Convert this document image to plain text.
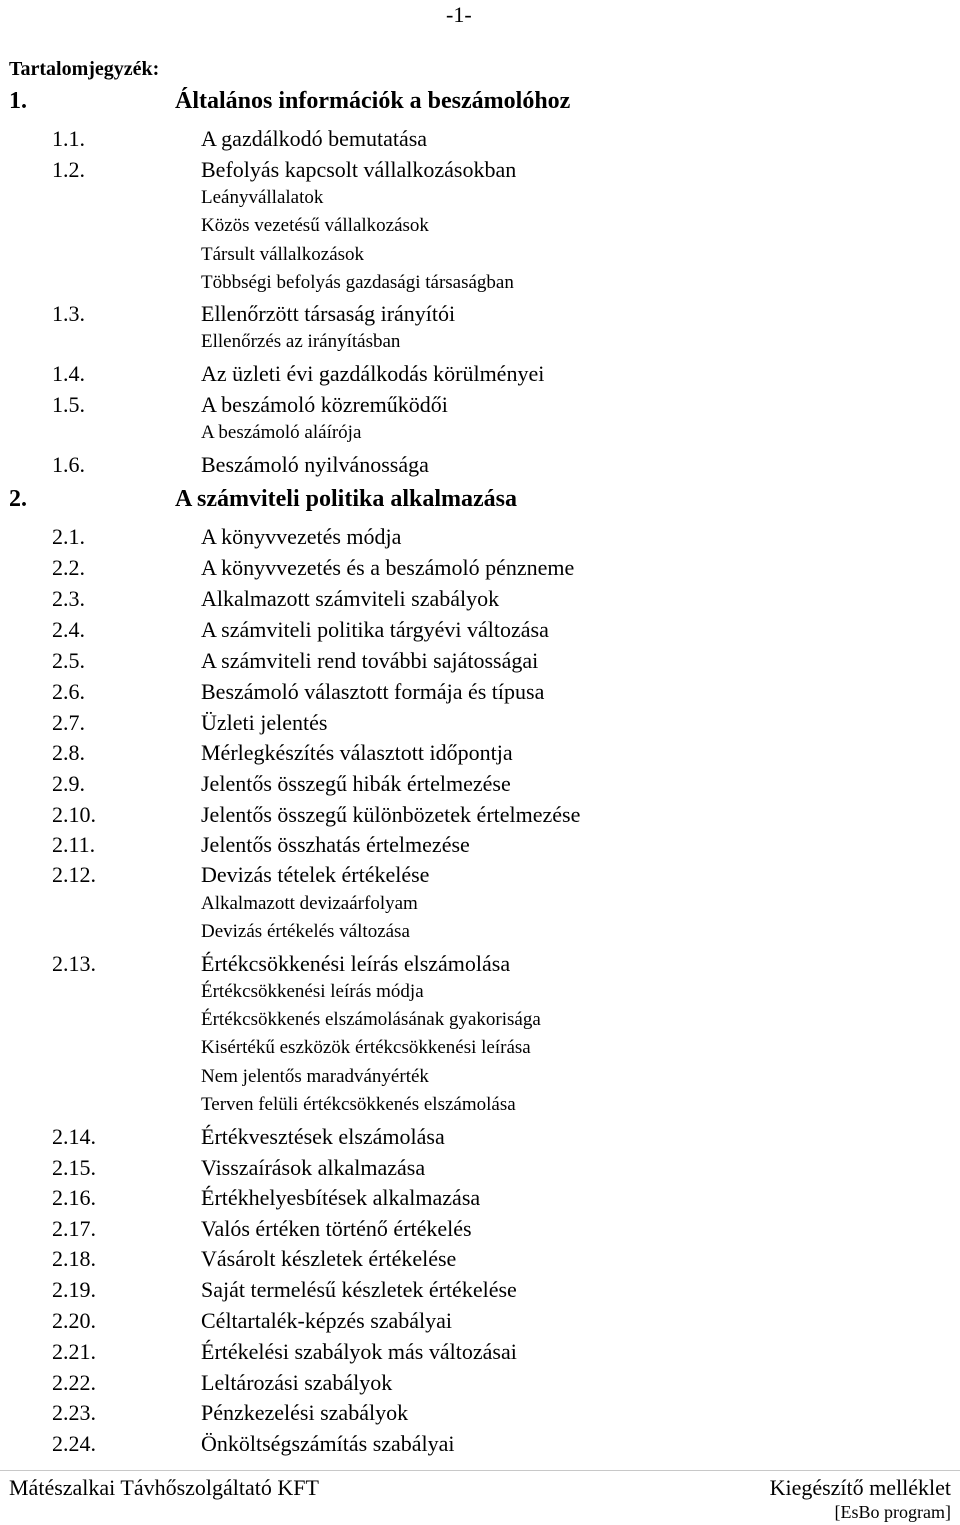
-1-
Tartalomjegyzék:
1.	Általános információk a beszámolóhoz
1.1.	A gazdálkodó bemutatása
1.2.	Befolyás kapcsolt vállalkozásokban
Leányvállalatok
Közös vezetésű vállalkozások
Társult vállalkozások
Többségi befolyás gazdasági társaságban
1.3.	Ellenőrzött társaság irányítói
Ellenőrzés az irányításban
1.4.	Az üzleti évi gazdálkodás körülményei
1.5.	A beszámoló közreműködői
A beszámoló aláírója
1.6.	Beszámoló nyilvánossága
2.	A számviteli politika alkalmazása
2.1.	A könyvvezetés módja
2.2.	A könyvvezetés és a beszámoló pénzneme
2.3.	Alkalmazott számviteli szabályok
2.4.	A számviteli politika tárgyévi változása
2.5.	A számviteli rend további sajátosságai
2.6.	Beszámoló választott formája és típusa
2.7.	Üzleti jelentés
2.8.	Mérlegkészítés választott időpontja
2.9.	Jelentős összegű hibák értelmezése
2.10.	Jelentős összegű különbözetek értelmezése
2.11.	Jelentős összhatás értelmezése
2.12.	Devizás tételek értékelése
Alkalmazott devizaárfolyam
Devizás értékelés változása
2.13.	Értékcsökkenési leírás elszámolása
Értékcsökkenési leírás módja
Értékcsökkenés elszámolásának gyakorisága
Kisértékű eszközök értékcsökkenési leírása
Nem jelentős maradványérték
Terven felüli értékcsökkenés elszámolása
2.14.	Értékvesztések elszámolása
2.15.	Visszaírások alkalmazása
2.16.	Értékhelyesbítések alkalmazása
2.17.	Valós értéken történő értékelés
2.18.	Vásárolt készletek értékelése
2.19.	Saját termelésű készletek értékelése
2.20.	Céltartalék-képzés szabályai
2.21.	Értékelési szabályok más változásai
2.22.	Leltározási szabályok
2.23.	Pénzkezelési szabályok
2.24.	Önköltségszámítás szabályai
Mátészalkai Távhőszolgáltató KFT	Kiegészítő melléklet
[EsBo program]
